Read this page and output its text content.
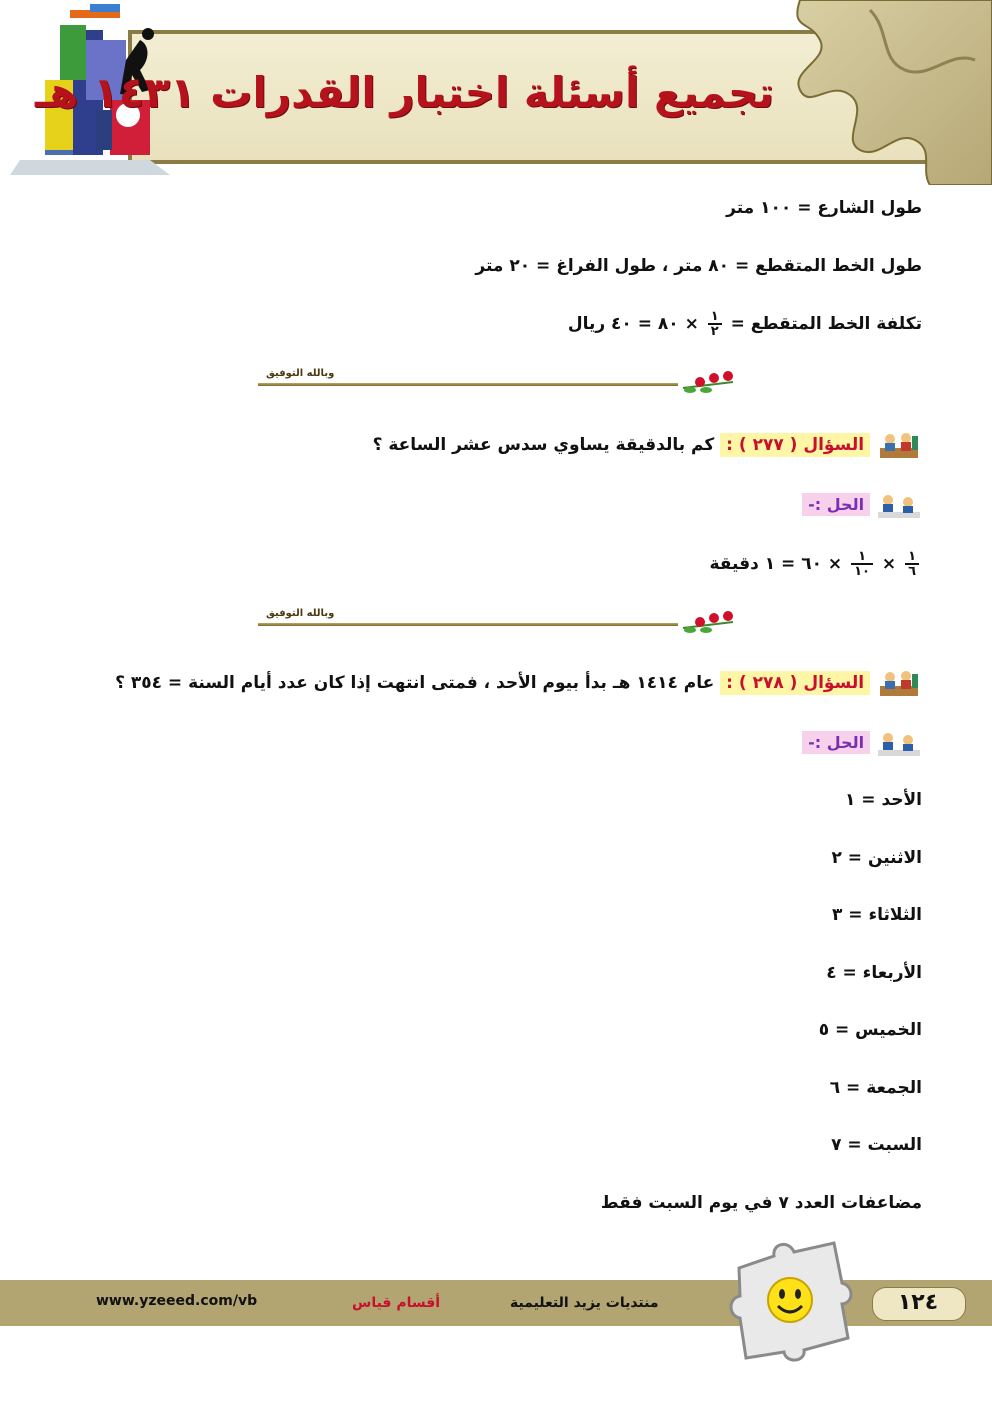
تجميع أسئلة اختبار القدرات ١٤٣١ هـ
طول الشارع = ١٠٠ متر
طول الخط المتقطع = ٨٠ متر ، طول الفراغ = ٢٠ متر
تكلفة الخط المتقطع =
$\frac{١}{٢}$
× ٨٠ = ٤٠ ريال
وبالله التوفيق
السؤال ( ٢٧٧ ) : كم بالدقيقة يساوي سدس عشر الساعة ؟
الحل :-
$\frac{١}{٦}$
×
$\frac{١}{١٠}$
× ٦٠ = ١ دقيقة
وبالله التوفيق
السؤال ( ٢٧٨ ) : عام ١٤١٤ هـ بدأ بيوم الأحد ، فمتى انتهت إذا كان عدد أيام السنة = ٣٥٤ ؟
الحل :-
الأحد = ١
الاثنين = ٢
الثلاثاء = ٣
الأربعاء = ٤
الخميس = ٥
الجمعة = ٦
السبت = ٧
مضاعفات العدد ٧ في يوم السبت فقط
www.yzeeed.com/vb	أقسام قياس	منتديات يزيد التعليمية	١٢٤
